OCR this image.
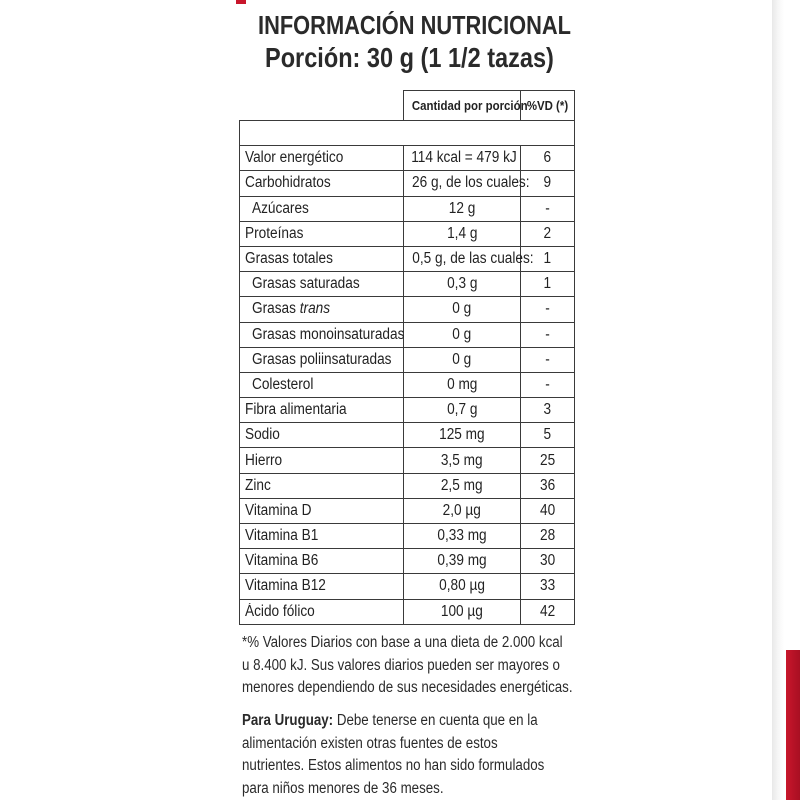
INFORMACIÓN NUTRICIONAL
Porción: 30 g (1 1/2 tazas)
	Cantidad por porción	%VD (*)

Valor energético	114 kcal = 479 kJ	6
Carbohidratos	26 g, de los cuales:	9
Azúcares	12 g	-
Proteínas	1,4 g	2
Grasas totales	0,5 g, de las cuales:	1
Grasas saturadas	0,3 g	1
Grasas trans	0 g	-
Grasas monoinsaturadas	0 g	-
Grasas poliinsaturadas	0 g	-
Colesterol	0 mg	-
Fibra alimentaria	0,7 g	3
Sodio	125 mg	5
Hierro	3,5 mg	25
Zinc	2,5 mg	36
Vitamina D	2,0 µg	40
Vitamina B1	0,33 mg	28
Vitamina B6	0,39 mg	30
Vitamina B12	0,80 µg	33
Ácido fólico	100 µg	42
*% Valores Diarios con base a una dieta de 2.000 kcal
u 8.400 kJ. Sus valores diarios pueden ser mayores o
menores dependiendo de sus necesidades energéticas.
Para Uruguay: Debe tenerse en cuenta que en la
alimentación existen otras fuentes de estos
nutrientes. Estos alimentos no han sido formulados
para niños menores de 36 meses.
